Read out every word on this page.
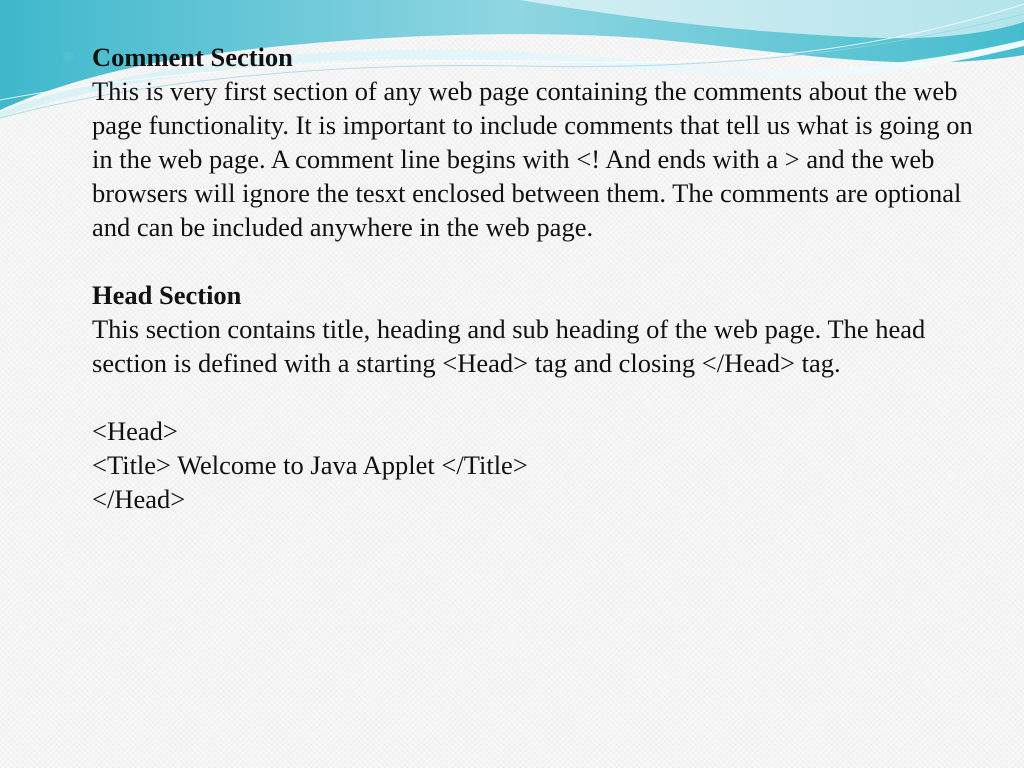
Comment Section

This is very first section of any web page containing the comments about the web page functionality. It is important to include comments that tell us what is going on in the web page. A comment line begins with <! And ends with a > and the web browsers will ignore the tesxt enclosed between them. The comments are optional and can be included anywhere in the web page.

Head Section

This section contains title, heading and sub heading of the web page. The head section is defined with a starting <Head> tag and closing </Head> tag.

<Head>
<Title> Welcome to Java Applet </Title>
</Head>
